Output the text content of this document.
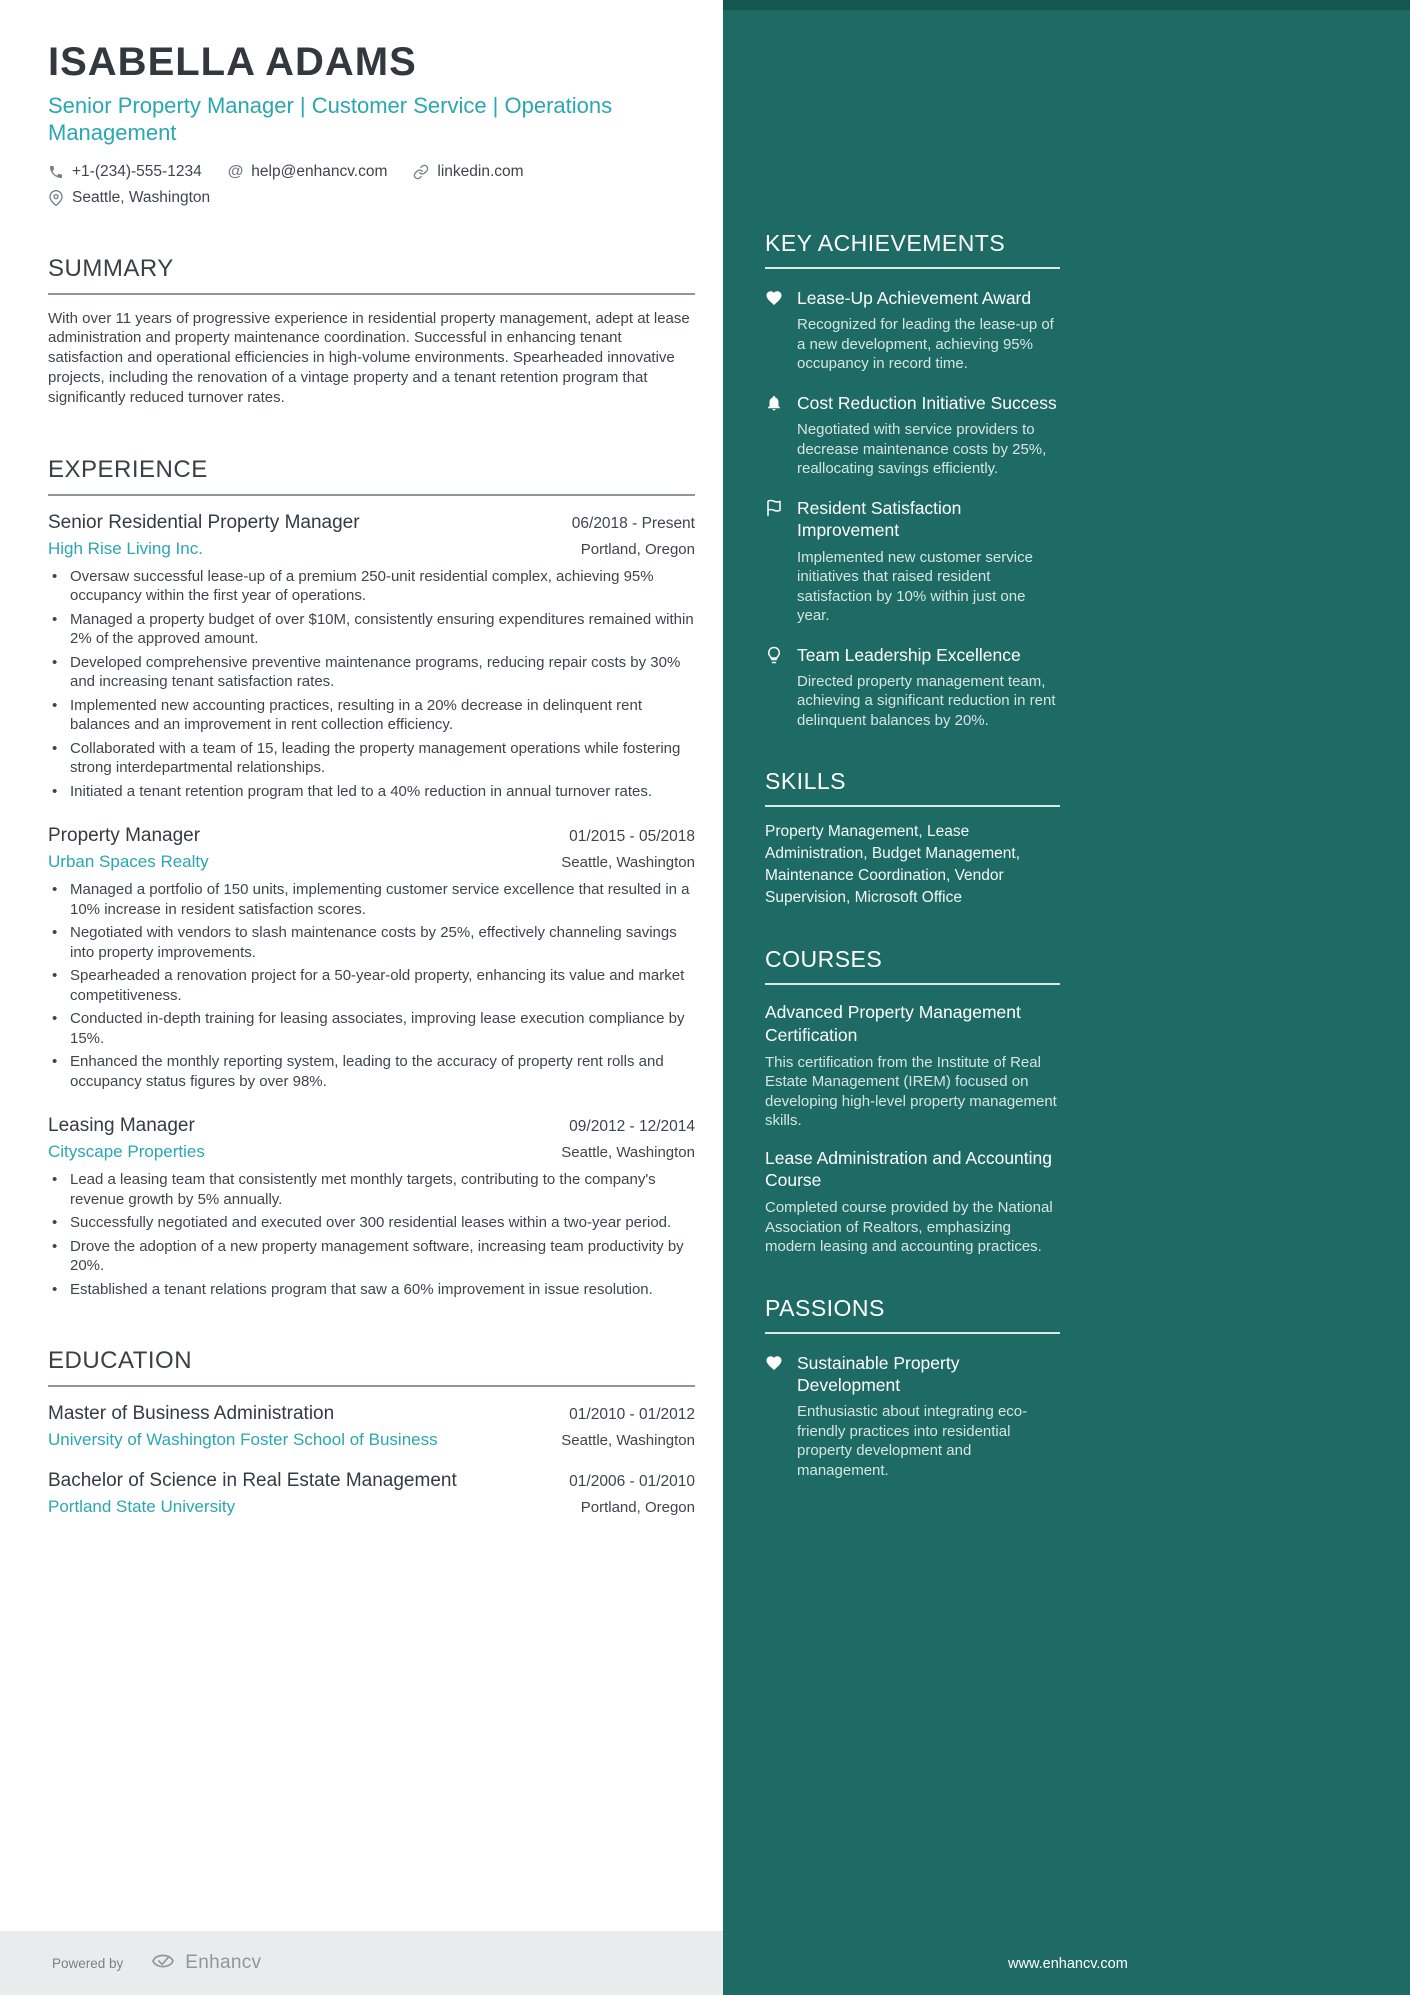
ISABELLA ADAMS
Senior Property Manager | Customer Service | Operations Management
+1-(234)-555-1234 @ help@enhancv.com	linkedin.com
Seattle, Washington
SUMMARY

With over 11 years of progressive experience in residential property management, adept at lease administration and property maintenance coordination. Successful in enhancing tenant satisfaction and operational efficiencies in high-volume environments. Spearheaded innovative projects, including the renovation of a vintage property and a tenant retention program that significantly reduced turnover rates.

EXPERIENCE
Senior Residential Property Manager	06/2018 - Present
High Rise Living Inc.	Portland, Oregon
• Oversaw successful lease-up of a premium 250-unit residential complex, achieving 95% occupancy within the first year of operations.
• Managed a property budget of over $10M, consistently ensuring expenditures remained within 2% of the approved amount.
• Developed comprehensive preventive maintenance programs, reducing repair costs by 30% and increasing tenant satisfaction rates.
• Implemented new accounting practices, resulting in a 20% decrease in delinquent rent balances and an improvement in rent collection efficiency.
• Collaborated with a team of 15, leading the property management operations while fostering strong interdepartmental relationships.
• Initiated a tenant retention program that led to a 40% reduction in annual turnover rates.
Property Manager	01/2015 - 05/2018
Urban Spaces Realty	Seattle, Washington
• Managed a portfolio of 150 units, implementing customer service excellence that resulted in a 10% increase in resident satisfaction scores.
• Negotiated with vendors to slash maintenance costs by 25%, effectively channeling savings into property improvements.
• Spearheaded a renovation project for a 50-year-old property, enhancing its value and market competitiveness.
• Conducted in-depth training for leasing associates, improving lease execution compliance by 15%.
• Enhanced the monthly reporting system, leading to the accuracy of property rent rolls and occupancy status figures by over 98%.
Leasing Manager	09/2012 - 12/2014
Cityscape Properties	Seattle, Washington
• Lead a leasing team that consistently met monthly targets, contributing to the company's revenue growth by 5% annually.
• Successfully negotiated and executed over 300 residential leases within a two-year period.
• Drove the adoption of a new property management software, increasing team productivity by 20%.
• Established a tenant relations program that saw a 60% improvement in issue resolution.
EDUCATION
Master of Business Administration	01/2010 - 01/2012
University of Washington Foster School of Business	Seattle, Washington
Bachelor of Science in Real Estate Management	01/2006 - 01/2010
Portland State University	Portland, Oregon
KEY ACHIEVEMENTS
Lease-Up Achievement Award
Recognized for leading the lease-up of a new development, achieving 95% occupancy in record time.
Cost Reduction Initiative Success
Negotiated with service providers to decrease maintenance costs by 25%, reallocating savings efficiently.
Resident Satisfaction Improvement
Implemented new customer service initiatives that raised resident satisfaction by 10% within just one year.
Team Leadership Excellence
Directed property management team, achieving a significant reduction in rent delinquent balances by 20%.
SKILLS

Property Management, Lease Administration, Budget Management, Maintenance Coordination, Vendor Supervision, Microsoft Office

COURSES
Advanced Property Management Certification
This certification from the Institute of Real Estate Management (IREM) focused on developing high-level property management skills.
Lease Administration and Accounting Course
Completed course provided by the National Association of Realtors, emphasizing modern leasing and accounting practices.
PASSIONS
Sustainable Property Development
Enthusiastic about integrating eco-friendly practices into residential property development and management.
Powered by	Enhancv	www.enhancv.com
